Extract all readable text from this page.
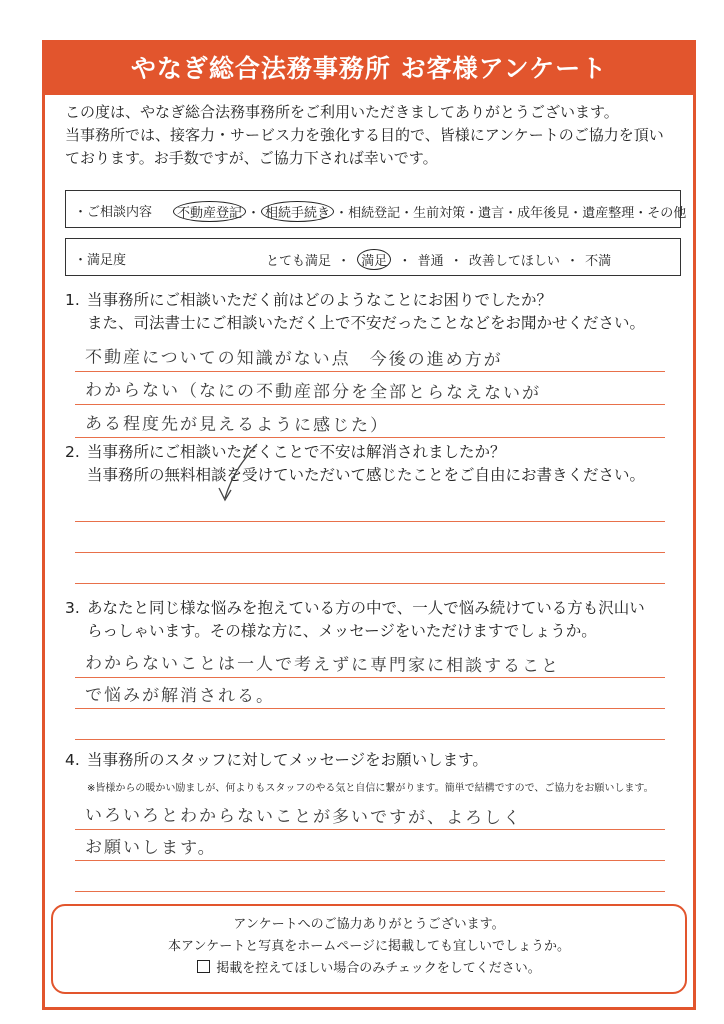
やなぎ総合法務事務所 お客様アンケート
この度は、やなぎ総合法務事務所をご利用いただきましてありがとうございます。
当事務所では、接客力・サービス力を強化する目的で、皆様にアンケートのご協力を頂い
ております。お手数ですが、ご協力下されば幸いです。
・ご相談内容	不動産登記 ・ 相続手続き ・相続登記・生前対策・遺言・成年後見・遺産整理・その他
・満足度	とても満足 ・ 満足 ・ 普通 ・ 改善してほしい ・ 不満
1. 当事務所にご相談いただく前はどのようなことにお困りでしたか？
また、司法書士にご相談いただく上で不安だったことなどをお聞かせください。
不動産についての知識がない点　今後の進め方が
わからない（なにの不動産部分を全部とらなえないが
ある程度先が見えるように感じた）
2. 当事務所にご相談いただくことで不安は解消されましたか？
当事務所の無料相談を受けていただいて感じたことをご自由にお書きください。
3. あなたと同じ様な悩みを抱えている方の中で、一人で悩み続けている方も沢山い
らっしゃいます。その様な方に、メッセージをいただけますでしょうか。
わからないことは一人で考えずに専門家に相談すること
で悩みが解消される。
4. 当事務所のスタッフに対してメッセージをお願いします。
※皆様からの暖かい励ましが、何よりもスタッフのやる気と自信に繋がります。簡単で結構ですので、ご協力をお願いします。
いろいろとわからないことが多いですが、よろしく
お願いします。
アンケートへのご協力ありがとうございます。
本アンケートと写真をホームページに掲載しても宜しいでしょうか。
掲載を控えてほしい場合のみチェックをしてください。
